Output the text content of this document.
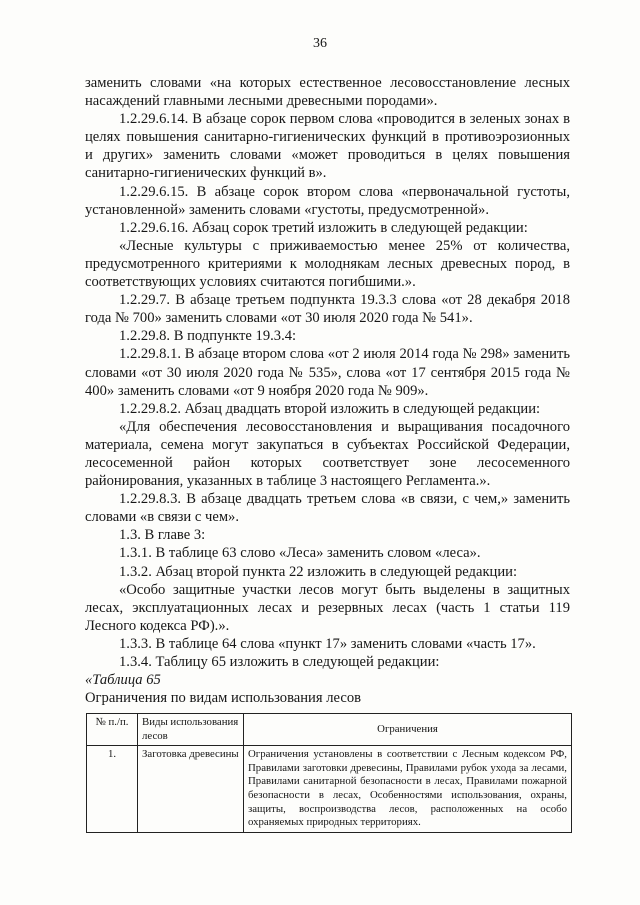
36

заменить словами «на которых естественное лесовосстановление лесных насаждений главными лесными древесными породами».

1.2.29.6.14. В абзаце сорок первом слова «проводится в зеленых зонах в целях повышения санитарно-гигиенических функций в противоэрозионных и других» заменить словами «может проводиться в целях повышения санитарно-гигиенических функций в».

1.2.29.6.15. В абзаце сорок втором слова «первоначальной густоты, установленной» заменить словами «густоты, предусмотренной».

1.2.29.6.16. Абзац сорок третий изложить в следующей редакции:

«Лесные культуры с приживаемостью менее 25% от количества, предусмотренного критериями к молоднякам лесных древесных пород, в соответствующих условиях считаются погибшими.».

1.2.29.7. В абзаце третьем подпункта 19.3.3 слова «от 28 декабря 2018 года № 700» заменить словами «от 30 июля 2020 года № 541».

1.2.29.8. В подпункте 19.3.4:

1.2.29.8.1. В абзаце втором слова «от 2 июля 2014 года № 298» заменить словами «от 30 июля 2020 года № 535», слова «от 17 сентября 2015 года № 400» заменить словами «от 9 ноября 2020 года № 909».

1.2.29.8.2. Абзац двадцать второй изложить в следующей редакции:

«Для обеспечения лесовосстановления и выращивания посадочного материала, семена могут закупаться в субъектах Российской Федерации, лесосеменной район которых соответствует зоне лесосеменного районирования, указанных в таблице 3 настоящего Регламента.».

1.2.29.8.3. В абзаце двадцать третьем слова «в связи, с чем,» заменить словами «в связи с чем».

1.3. В главе 3:

1.3.1. В таблице 63 слово «Леса» заменить словом «леса».

1.3.2. Абзац второй пункта 22 изложить в следующей редакции:

«Особо защитные участки лесов могут быть выделены в защитных лесах, эксплуатационных лесах и резервных лесах (часть 1 статьи 119 Лесного кодекса РФ).».

1.3.3. В таблице 64 слова «пункт 17» заменить словами «часть 17».

1.3.4. Таблицу 65 изложить в следующей редакции:

«Таблица 65

Ограничения по видам использования лесов

№ п./п.	Виды использования лесов	Ограничения
1.	Заготовка древесины	Ограничения установлены в соответствии с Лесным кодексом РФ, Правилами заготовки древесины, Правилами рубок ухода за лесами, Правилами санитарной безопасности в лесах, Правилами пожарной безопасности в лесах, Особенностями использования, охраны, защиты, воспроизводства лесов, расположенных на особо охраняемых природных территориях.
